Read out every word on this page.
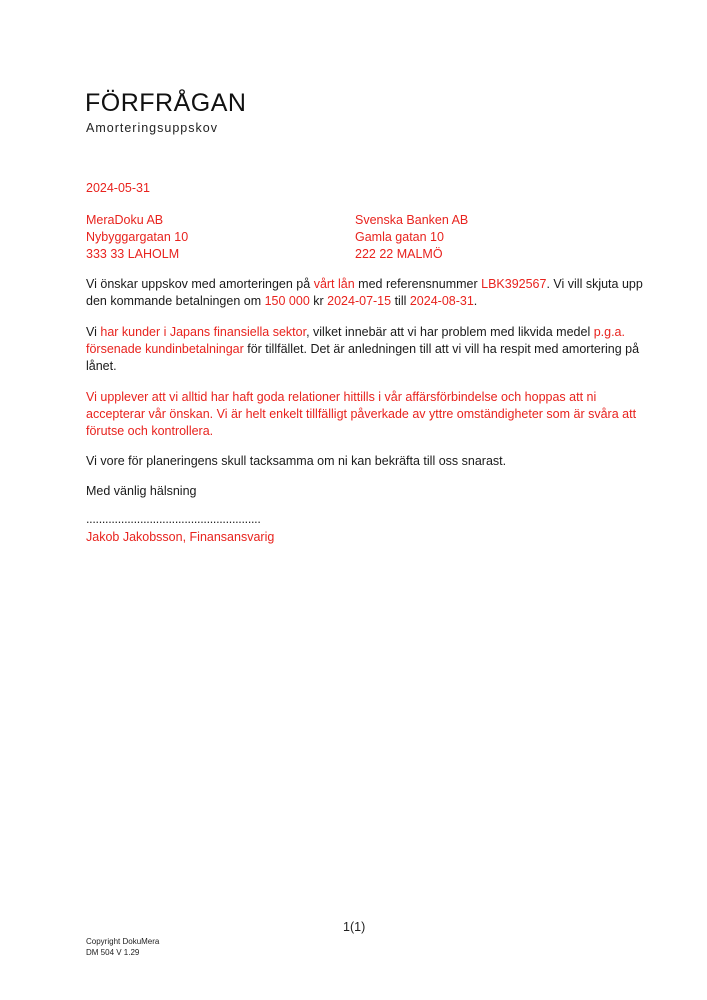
FÖRFRÅGAN
Amorteringsuppskov
2024-05-31
MeraDoku AB
Nybyggargatan 10
333 33 LAHOLM
Svenska Banken AB
Gamla gatan 10
222 22 MALMÖ

Vi önskar uppskov med amorteringen på vårt lån med referensnummer LBK392567. Vi vill skjuta upp den kommande betalningen om 150 000 kr 2024-07-15 till 2024-08-31.

Vi har kunder i Japans finansiella sektor, vilket innebär att vi har problem med likvida medel p.g.a. försenade kundinbetalningar för tillfället. Det är anledningen till att vi vill ha respit med amortering på lånet.

Vi upplever att vi alltid har haft goda relationer hittills i vår affärsförbindelse och hoppas att ni accepterar vår önskan. Vi är helt enkelt tillfälligt påverkade av yttre omständigheter som är svåra att förutse och kontrollera.

Vi vore för planeringens skull tacksamma om ni kan bekräfta till oss snarast.

Med vänlig hälsning

.......................................................
Jakob Jakobsson, Finansansvarig
1(1)
Copyright DokuMera
DM 504 V 1.29
